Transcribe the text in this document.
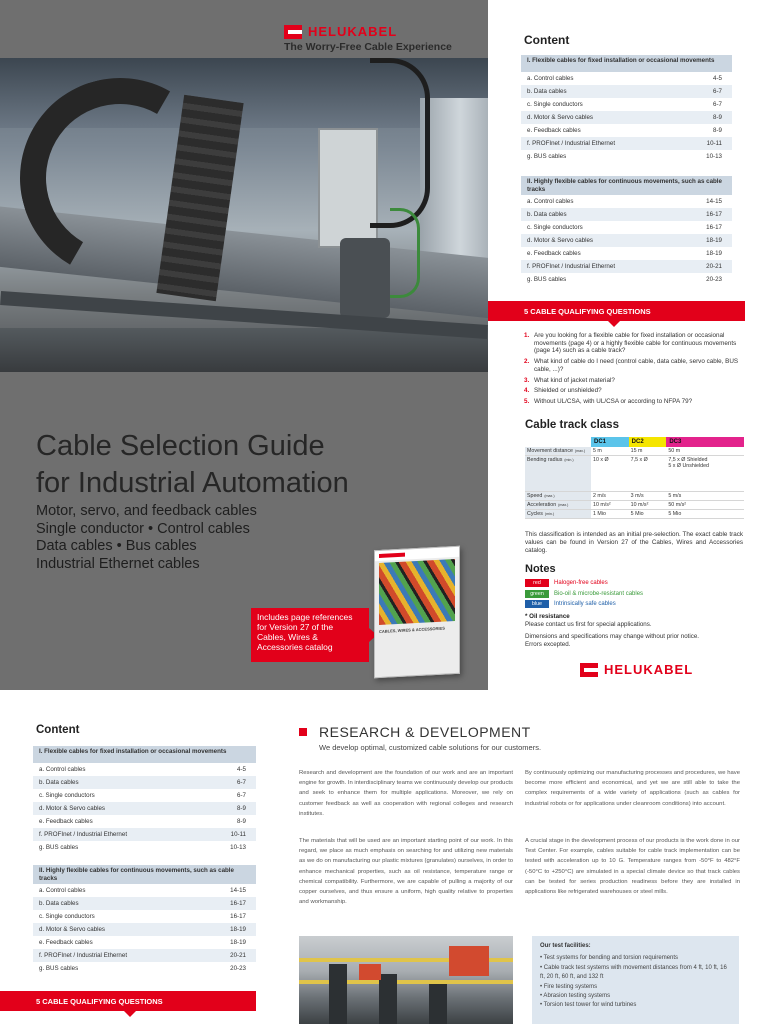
HELUKABEL
The Worry-Free Cable Experience
Cable Selection Guide
for Industrial Automation
Motor, servo, and feedback cables
Single conductor • Control cables
Data cables • Bus cables
Industrial Ethernet cables
Includes page references for Version 27 of the Cables, Wires & Accessories catalog
CABLES, WIRES & ACCESSORIES
Content
I. Flexible cables for fixed installation or occasional movements
a. Control cables	4-5
b. Data cables	6-7
c. Single conductors	6-7
d. Motor & Servo cables	8-9
e. Feedback cables	8-9
f. PROFInet / Industrial Ethernet	10-11
g. BUS cables	10-13
II. Highly flexible cables for continuous movements, such as cable tracks
a. Control cables	14-15
b. Data cables	16-17
c. Single conductors	16-17
d. Motor & Servo cables	18-19
e. Feedback cables	18-19
f. PROFInet / Industrial Ethernet	20-21
g. BUS cables	20-23
5 CABLE QUALIFYING QUESTIONS
1. Are you looking for a flexible cable for fixed installation or occasional movements (page 4) or a highly flexible cable for continuous movements (page 14) such as a cable track?
2. What kind of cable do I need (control cable, data cable, servo cable, BUS cable, ...)?
3. What kind of jacket material?
4. Shielded or unshielded?
5. Without UL/CSA, with UL/CSA or according to NFPA 79?
Cable track class
	DC1	DC2	DC3
Movement distance (max.)	5 m	15 m	50 m
Bending radius (min.)	10 x Ø	7,5 x Ø	7,5 x Ø Shielded
5 x Ø Unshielded
Speed (max.)	2 m/s	3 m/s	5 m/s
Acceleration (max.)	10 m/s²	10 m/s²	50 m/s²
Cycles (min.)	1 Mio	5 Mio	5 Mio
This classification is intended as an initial pre-selection. The exact cable track values can be found in Version 27 of the Cables, Wires and Accessories catalog.
Notes
red	Halogen-free cables
green	Bio-oil & microbe-resistant cables
blue	Intrinsically safe cables
* Oil resistance
Please contact us first for special applications.
Dimensions and specifications may change without prior notice.
Errors excepted.
HELUKABEL
Content
I. Flexible cables for fixed installation or occasional movements
a. Control cables	4-5
b. Data cables	6-7
c. Single conductors	6-7
d. Motor & Servo cables	8-9
e. Feedback cables	8-9
f. PROFInet / Industrial Ethernet	10-11
g. BUS cables	10-13
II. Highly flexible cables for continuous movements, such as cable tracks
a. Control cables	14-15
b. Data cables	16-17
c. Single conductors	16-17
d. Motor & Servo cables	18-19
e. Feedback cables	18-19
f. PROFInet / Industrial Ethernet	20-21
g. BUS cables	20-23
5 CABLE QUALIFYING QUESTIONS
RESEARCH & DEVELOPMENT
We develop optimal, customized cable solutions for our customers.
Research and development are the foundation of our work and are an important engine for growth. In interdisciplinary teams we continuously develop our products and seek to enhance them for multiple applications. Moreover, we rely on customer feedback as well as cooperation with regional colleges and research institutes.
The materials that will be used are an important starting point of our work. In this regard, we place as much emphasis on searching for and utilizing new materials as we do on manufacturing our plastic mixtures (granulates) ourselves, in order to enhance mechanical properties, such as oil resistance, temperature range or chemical compatibility. Furthermore, we are capable of pulling a majority of our copper ourselves, and thus ensure a uniform, high quality relative to properties and workmanship.
By continuously optimizing our manufacturing processes and procedures, we have become more efficient and economical, and yet we are still able to take the complex requirements of a wide variety of applications (such as cables for industrial robots or for applications under cleanroom conditions) into account.
A crucial stage in the development process of our products is the work done in our Test Center. For example, cables suitable for cable track implementation can be tested with acceleration up to 10 G. Temperature ranges from -50°F to 482°F (-50°C to +250°C) are simulated in a special climate device so that track cables can be tested for series production readiness before they are installed in applications like refrigerated warehouses or steel mills.
Our test facilities:
• Test systems for bending and torsion requirements
• Cable track test systems with movement distances from 4 ft, 10 ft, 16 ft, 20 ft, 60 ft, and 132 ft
• Fire testing systems
• Abrasion testing systems
• Torsion test tower for wind turbines
